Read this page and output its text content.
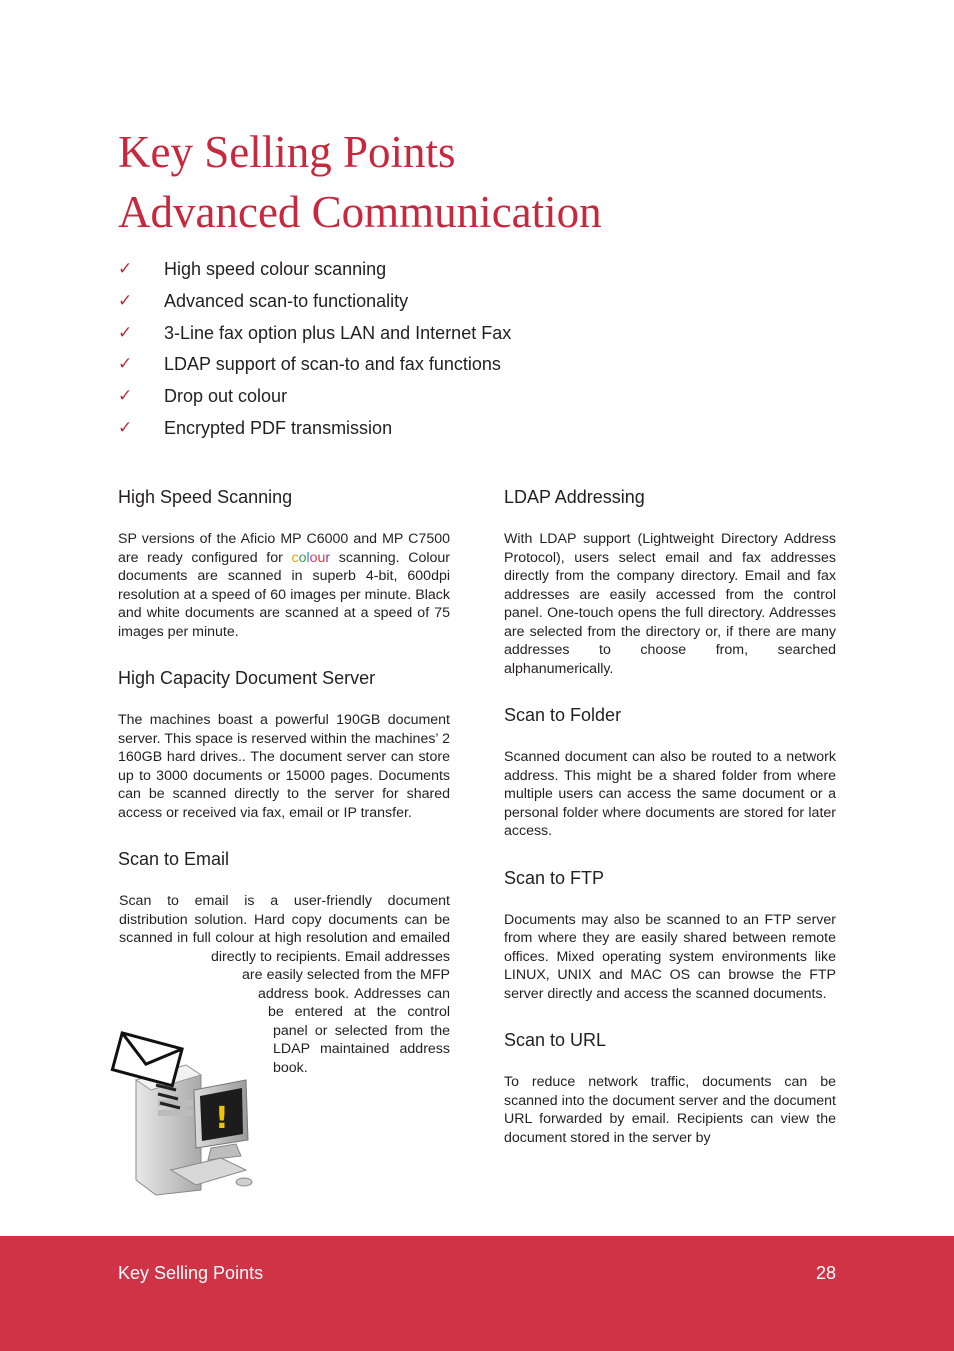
Key Selling Points
Advanced Communication
✓ High speed colour scanning
✓ Advanced scan-to functionality
✓ 3-Line fax option plus LAN and Internet Fax
✓ LDAP support of scan-to and fax functions
✓ Drop out colour
✓ Encrypted PDF transmission
High Speed Scanning

SP versions of the Aficio MP C6000 and MP C7500 are ready configured for colour scanning. Colour documents are scanned in superb 4-bit, 600dpi resolution at a speed of 60 images per minute. Black and white documents are scanned at a speed of 75 images per minute.

High Capacity Document Server

The machines boast a powerful 190GB document server. This space is reserved within the machines’ 2 160GB hard drives.. The document server can store up to 3000 documents or 15000 pages. Documents can be scanned directly to the server for shared access or received via fax, email or IP transfer.

Scan to Email

Scan to email is a user-friendly document distribution solution. Hard copy documents can be scanned in full colour at high resolution and emailed directly to recipients. Email addresses are easily selected from the MFP address book. Addresses can be entered at the control panel or selected from the LDAP maintained address book.

!
LDAP Addressing

With LDAP support (Lightweight Directory Address Protocol), users select email and fax addresses directly from the company directory. Email and fax addresses are easily accessed from the control panel. One-touch opens the full directory. Addresses are selected from the directory or, if there are many addresses to choose from, searched alphanumerically.

Scan to Folder

Scanned document can also be routed to a network address. This might be a shared folder from where multiple users can access the same document or a personal folder where documents are stored for later access.

Scan to FTP

Documents may also be scanned to an FTP server from where they are easily shared between remote offices. Mixed operating system environments like LINUX, UNIX and MAC OS can browse the FTP server directly and access the scanned documents.

Scan to URL

To reduce network traffic, documents can be scanned into the document server and the document URL forwarded by email. Recipients can view the document stored in the server by

Key Selling Points	28
